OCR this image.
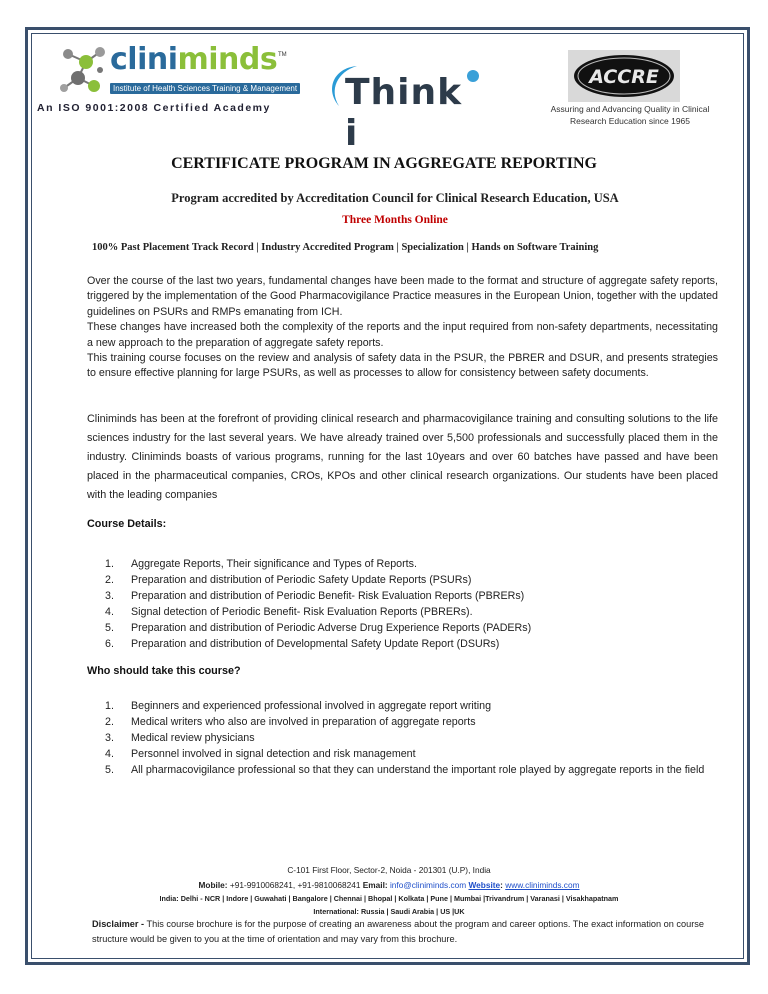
cliniminds TM
Institute of Health Sciences Training & Management
An ISO 9001:2008 Certified Academy Think i
ACCRE
Assuring and Advancing Quality in Clinical Research Education since 1965
CERTIFICATE PROGRAM IN AGGREGATE REPORTING
Program accredited by Accreditation Council for Clinical Research Education, USA
Three Months Online
100% Past Placement Track Record | Industry Accredited Program | Specialization | Hands on Software Training

Over the course of the last two years, fundamental changes have been made to the format and structure of aggregate safety reports, triggered by the implementation of the Good Pharmacovigilance Practice measures in the European Union, together with the updated guidelines on PSURs and RMPs emanating from ICH.

These changes have increased both the complexity of the reports and the input required from non-safety departments, necessitating a new approach to the preparation of aggregate safety reports.

This training course focuses on the review and analysis of safety data in the PSUR, the PBRER and DSUR, and presents strategies to ensure effective planning for large PSURs, as well as processes to allow for consistency between safety documents.

Cliniminds has been at the forefront of providing clinical research and pharmacovigilance training and consulting solutions to the life sciences industry for the last several years. We have already trained over 5,500 professionals and successfully placed them in the industry. Cliniminds boasts of various programs, running for the last 10years and over 60 batches have passed and have been placed in the pharmaceutical companies, CROs, KPOs and other clinical research organizations. Our students have been placed with the leading companies
Course Details:
1.	Aggregate Reports, Their significance and Types of Reports.
2.	Preparation and distribution of Periodic Safety Update Reports (PSURs)
3.	Preparation and distribution of Periodic Benefit- Risk Evaluation Reports (PBRERs)
4.	Signal detection of Periodic Benefit- Risk Evaluation Reports (PBRERs).
5.	Preparation and distribution of Periodic Adverse Drug Experience Reports (PADERs)
6.	Preparation and distribution of Developmental Safety Update Report (DSURs)
Who should take this course?
1.	Beginners and experienced professional involved in aggregate report writing
2.	Medical writers who also are involved in preparation of aggregate reports
3.	Medical review physicians
4.	Personnel involved in signal detection and risk management
5.	All pharmacovigilance professional so that they can understand the important role played by aggregate reports in the field
C-101 First Floor, Sector-2, Noida - 201301 (U.P), India
Mobile: +91-9910068241, +91-9810068241 Email: info@cliniminds.com Website: www.cliniminds.com
India: Delhi - NCR | Indore | Guwahati | Bangalore | Chennai | Bhopal | Kolkata | Pune | Mumbai |Trivandrum | Varanasi | Visakhapatnam
International: Russia | Saudi Arabia | US |UK
Disclaimer - This course brochure is for the purpose of creating an awareness about the program and career options. The exact information on course structure would be given to you at the time of orientation and may vary from this brochure.
